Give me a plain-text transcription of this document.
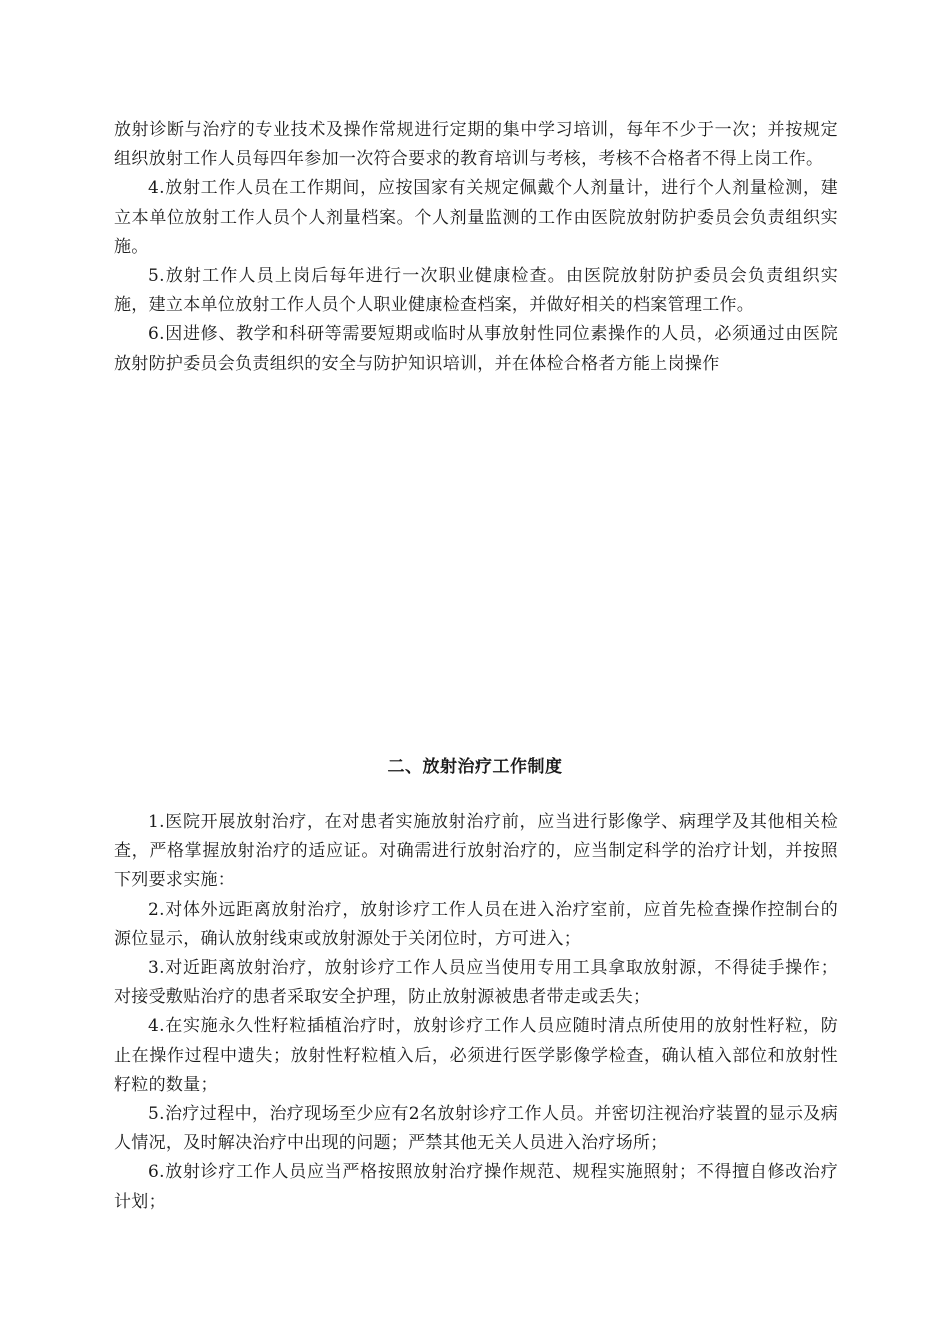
放射诊断与治疗的专业技术及操作常规进行定期的集中学习培训，每年不少于一次；并按规定组织放射工作人员每四年参加一次符合要求的教育培训与考核，考核不合格者不得上岗工作。

4.放射工作人员在工作期间，应按国家有关规定佩戴个人剂量计，进行个人剂量检测，建立本单位放射工作人员个人剂量档案。个人剂量监测的工作由医院放射防护委员会负责组织实施。

5.放射工作人员上岗后每年进行一次职业健康检查。由医院放射防护委员会负责组织实施，建立本单位放射工作人员个人职业健康检查档案，并做好相关的档案管理工作。

6.因进修、教学和科研等需要短期或临时从事放射性同位素操作的人员，必须通过由医院放射防护委员会负责组织的安全与防护知识培训，并在体检合格者方能上岗操作

二、放射治疗工作制度

1.医院开展放射治疗，在对患者实施放射治疗前，应当进行影像学、病理学及其他相关检查，严格掌握放射治疗的适应证。对确需进行放射治疗的，应当制定科学的治疗计划，并按照下列要求实施：

2.对体外远距离放射治疗，放射诊疗工作人员在进入治疗室前，应首先检查操作控制台的源位显示，确认放射线束或放射源处于关闭位时，方可进入；

3.对近距离放射治疗，放射诊疗工作人员应当使用专用工具拿取放射源，不得徒手操作；对接受敷贴治疗的患者采取安全护理，防止放射源被患者带走或丢失；

4.在实施永久性籽粒插植治疗时，放射诊疗工作人员应随时清点所使用的放射性籽粒，防止在操作过程中遗失；放射性籽粒植入后，必须进行医学影像学检查，确认植入部位和放射性籽粒的数量；

5.治疗过程中，治疗现场至少应有2名放射诊疗工作人员。并密切注视治疗装置的显示及病人情况，及时解决治疗中出现的问题；严禁其他无关人员进入治疗场所；

6.放射诊疗工作人员应当严格按照放射治疗操作规范、规程实施照射；不得擅自修改治疗计划；
